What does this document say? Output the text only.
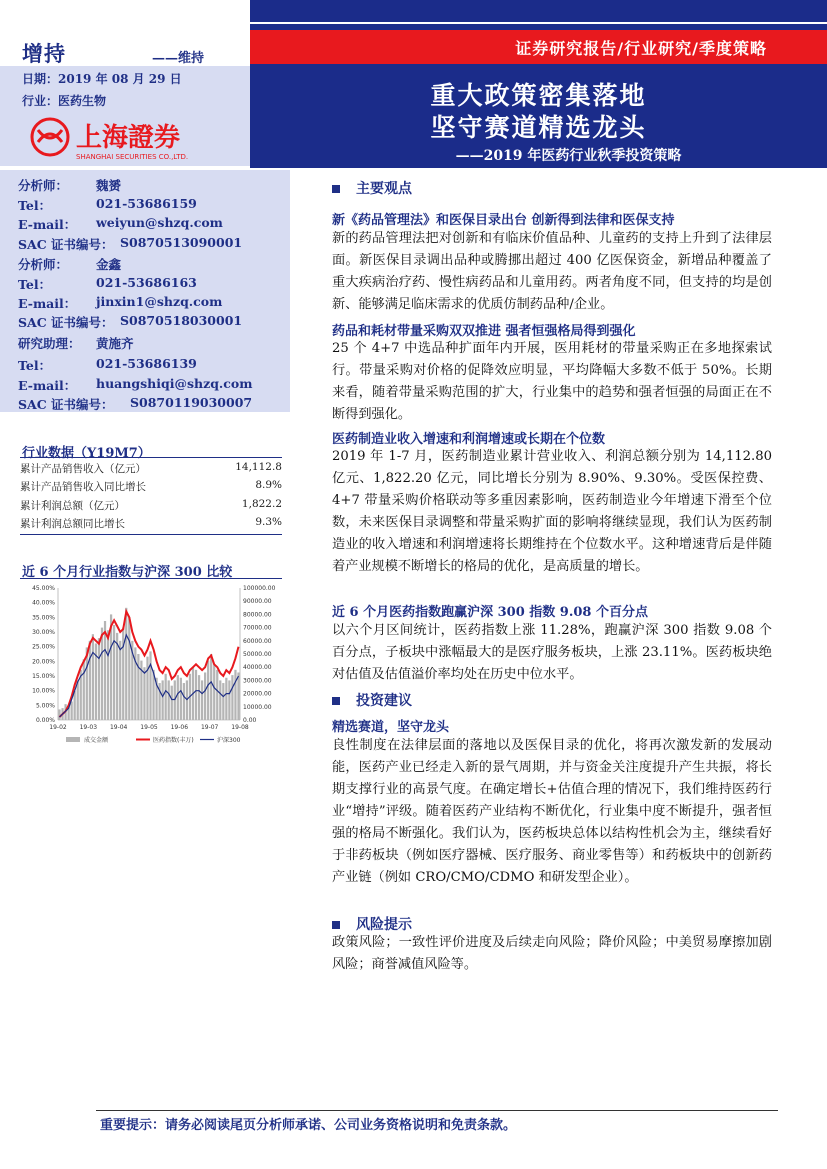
增持	——维持
日期：2019 年 08 月 29 日
行业：医药生物
上海證券
SHANGHAI SECURITIES CO.,LTD.
证券研究报告/行业研究/季度策略
重大政策密集落地
坚守赛道精选龙头
——2019 年医药行业秋季投资策略
分析师： 魏赟
Tel：	021-53686159
E-mail： weiyun@shzq.com
SAC 证书编号： S0870513090001
分析师： 金鑫
Tel：	021-53686163
E-mail： jinxin1@shzq.com
SAC 证书编号： S0870518030001
研究助理： 黄施齐
Tel：	021-53686139
E-mail： huangshiqi@shzq.com
SAC 证书编号： S0870119030007
行业数据（Y19M7）
累计产品销售收入（亿元）	14,112.8
累计产品销售收入同比增长	8.9%
累计利润总额（亿元）	1,822.2
累计利润总额同比增长	9.3%
近 6 个月行业指数与沪深 300 比较
0.00%
5.00%
10.00%
15.00%
20.00%
25.00%
30.00%
35.00%
40.00%
45.00%
0.00
10000.00
20000.00
30000.00
40000.00
50000.00
60000.00
70000.00
80000.00
90000.00
100000.00
19-02 19-03 19-04 19-05 19-06 19-07 19-08
成交金额	医药指数(丰万)	沪深300
主要观点
新《药品管理法》和医保目录出台 创新得到法律和医保支持
新的药品管理法把对创新和有临床价值品种、儿童药的支持上升到了法律层面。新医保目录调出品种或腾挪出超过 400 亿医保资金，新增品种覆盖了重大疾病治疗药、慢性病药品和儿童用药。两者角度不同，但支持的均是创新、能够满足临床需求的优质仿制药品种/企业。
药品和耗材带量采购双双推进 强者恒强格局得到强化
25 个 4+7 中选品种扩面年内开展，医用耗材的带量采购正在多地探索试行。带量采购对价格的促降效应明显，平均降幅大多数不低于 50%。长期来看，随着带量采购范围的扩大，行业集中的趋势和强者恒强的局面正在不断得到强化。
医药制造业收入增速和利润增速或长期在个位数
2019 年 1-7 月，医药制造业累计营业收入、利润总额分别为 14,112.80 亿元、1,822.20 亿元，同比增长分别为 8.90%、9.30%。受医保控费、4+7 带量采购价格联动等多重因素影响，医药制造业今年增速下滑至个位数，未来医保目录调整和带量采购扩面的影响将继续显现，我们认为医药制造业的收入增速和利润增速将长期维持在个位数水平。这种增速背后是伴随着产业规模不断增长的格局的优化，是高质量的增长。
近 6 个月医药指数跑赢沪深 300 指数 9.08 个百分点
以六个月区间统计，医药指数上涨 11.28%，跑赢沪深 300 指数 9.08 个百分点，子板块中涨幅最大的是医疗服务板块，上涨 23.11%。医药板块绝对估值及估值溢价率均处在历史中位水平。
投资建议
精选赛道，坚守龙头
良性制度在法律层面的落地以及医保目录的优化，将再次激发新的发展动能，医药产业已经走入新的景气周期，并与资金关注度提升产生共振，将长期支撑行业的高景气度。在确定增长+估值合理的情况下，我们维持医药行业“增持”评级。随着医药产业结构不断优化，行业集中度不断提升，强者恒强的格局不断强化。我们认为，医药板块总体以结构性机会为主，继续看好于非药板块（例如医疗器械、医疗服务、商业零售等）和药板块中的创新药产业链（例如 CRO/CMO/CDMO 和研发型企业）。
风险提示
政策风险；一致性评价进度及后续走向风险；降价风险；中美贸易摩擦加剧风险；商誉减值风险等。
重要提示：请务必阅读尾页分析师承诺、公司业务资格说明和免责条款。
